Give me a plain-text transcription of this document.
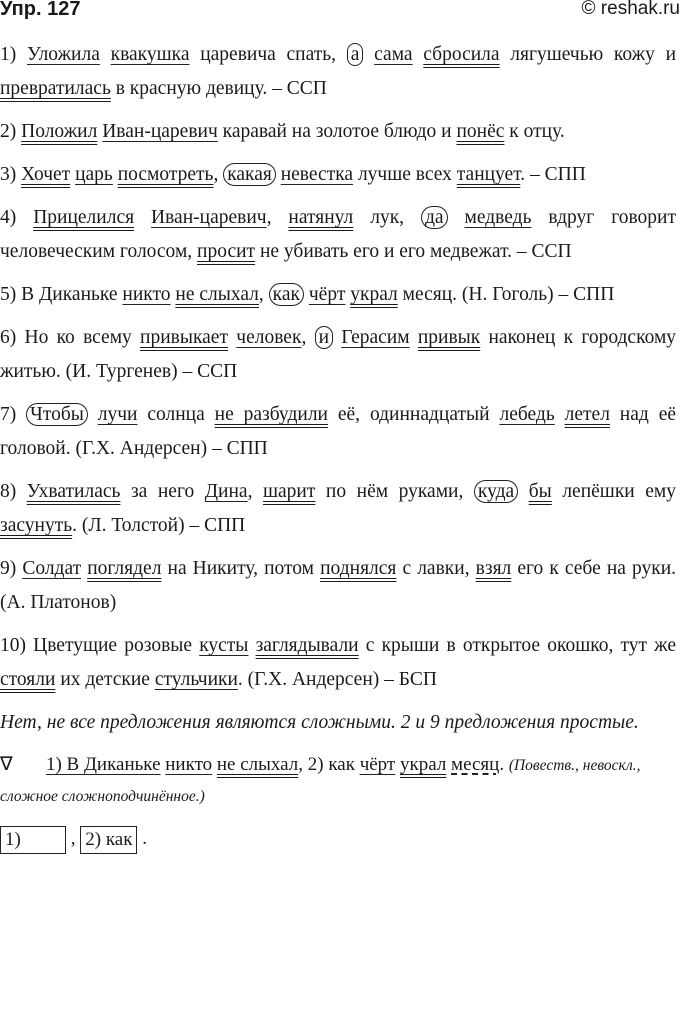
Упр. 127	© reshak.ru

1) Уложила квакушка царевича спать, а сама сбросила лягушечью кожу и превратилась в красную девицу. – ССП

2) Положил Иван-царевич каравай на золотое блюдо и понёс к отцу.

3) Хочет царь посмотреть, какая невестка лучше всех танцует. – СПП

4) Прицелился Иван-царевич, натянул лук, да медведь вдруг говорит человеческим голосом, просит не убивать его и его медвежат. – ССП

5) В Диканьке никто не слыхал, как чёрт украл месяц. (Н. Гоголь) – СПП

6) Но ко всему привыкает человек, и Герасим привык наконец к городскому житью. (И. Тургенев) – ССП

7) Чтобы лучи солнца не разбудили её, одиннадцатый лебедь летел над её головой. (Г.Х. Андерсен) – СПП

8) Ухватилась за него Дина, шарит по нём руками, куда бы лепёшки ему засунуть. (Л. Толстой) – СПП

9) Солдат поглядел на Никиту, потом поднялся с лавки, взял его к себе на руки. (А. Платонов)

10) Цветущие розовые кусты заглядывали с крыши в открытое окошко, тут же стояли их детские стульчики. (Г.Х. Андерсен) – БСП

Нет, не все предложения являются сложными. 2 и 9 предложения простые.

∇ 1) В Диканьке никто не слыхал, 2) как чёрт украл месяц. (Повеств., невоскл., сложное сложноподчинённое.)

1)	, 2) как .
